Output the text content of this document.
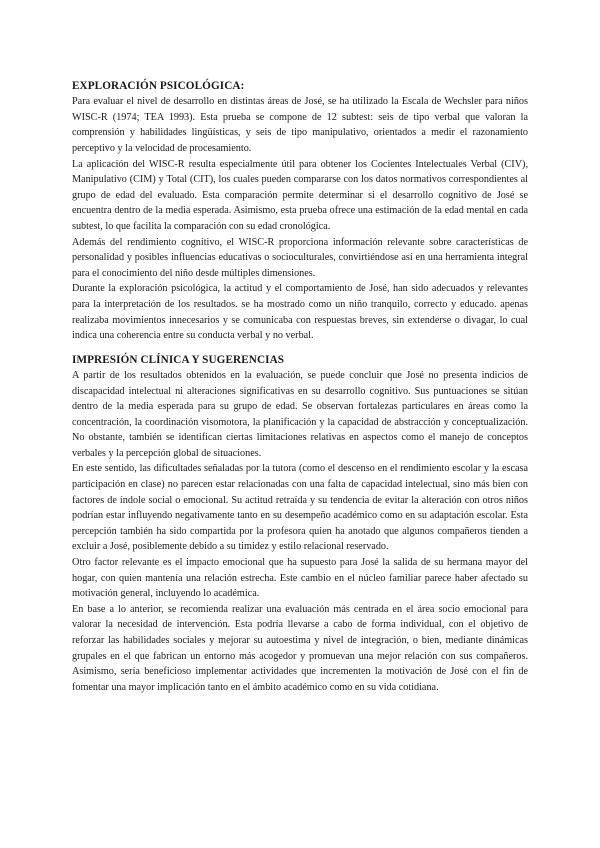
EXPLORACIÓN PSICOLÓGICA:

Para evaluar el nivel de desarrollo en distintas áreas de José, se ha utilizado la Escala de Wechsler para niños WISC-R (1974; TEA 1993). Esta prueba se compone de 12 subtest: seis de tipo verbal que valoran la comprensión y habilidades lingüísticas, y seis de tipo manipulativo, orientados a medir el razonamiento perceptivo y la velocidad de procesamiento.

La aplicación del WISC-R resulta especialmente útil para obtener los Cocientes Intelectuales Verbal (CIV), Manipulativo (CIM) y Total (CIT), los cuales pueden compararse con los datos normativos correspondientes al grupo de edad del evaluado. Esta comparación permite determinar si el desarrollo cognitivo de José se encuentra dentro de la media esperada. Asimismo, esta prueba ofrece una estimación de la edad mental en cada subtest, lo que facilita la comparación con su edad cronológica.

Además del rendimiento cognitivo, el WISC-R proporciona información relevante sobre características de personalidad y posibles influencias educativas o socioculturales, convirtiéndose así en una herramienta integral para el conocimiento del niño desde múltiples dimensiones.

Durante la exploración psicológica, la actitud y el comportamiento de José, han sido adecuados y relevantes para la interpretación de los resultados. se ha mostrado como un niño tranquilo, correcto y educado. apenas realizaba movimientos innecesarios y se comunicaba con respuestas breves, sin extenderse o divagar, lo cual indica una coherencia entre su conducta verbal y no verbal.

IMPRESIÓN CLÍNICA Y SUGERENCIAS

A partir de los resultados obtenidos en la evaluación, se puede concluir que José no presenta indicios de discapacidad intelectual ni alteraciones significativas en su desarrollo cognitivo. Sus puntuaciones se sitúan dentro de la media esperada para su grupo de edad. Se observan fortalezas particulares en áreas como la concentración, la coordinación visomotora, la planificación y la capacidad de abstracción y conceptualización. No obstante, también se identifican ciertas limitaciones relativas en aspectos como el manejo de conceptos verbales y la percepción global de situaciones.

En este sentido, las dificultades señaladas por la tutora (como el descenso en el rendimiento escolar y la escasa participación en clase) no parecen estar relacionadas con una falta de capacidad intelectual, sino más bien con factores de índole social o emocional. Su actitud retraída y su tendencia de evitar la alteración con otros niños podrían estar influyendo negativamente tanto en su desempeño académico como en su adaptación escolar. Esta percepción también ha sido compartida por la profesora quien ha anotado que algunos compañeros tienden a excluir a José, posiblemente debido a su timidez y estilo relacional reservado.

Otro factor relevante es el impacto emocional que ha supuesto para José la salida de su hermana mayor del hogar, con quien mantenía una relación estrecha. Este cambio en el núcleo familiar parece haber afectado su motivación general, incluyendo lo académica.

En base a lo anterior, se recomienda realizar una evaluación más centrada en el área socio emocional para valorar la necesidad de intervención. Esta podría llevarse a cabo de forma individual, con el objetivo de reforzar las habilidades sociales y mejorar su autoestima y nivel de integración, o bien, mediante dinámicas grupales en el que fabrican un entorno más acogedor y promuevan una mejor relación con sus compañeros. Asimismo, sería beneficioso implementar actividades que incrementen la motivación de José con el fin de fomentar una mayor implicación tanto en el ámbito académico como en su vida cotidiana.
